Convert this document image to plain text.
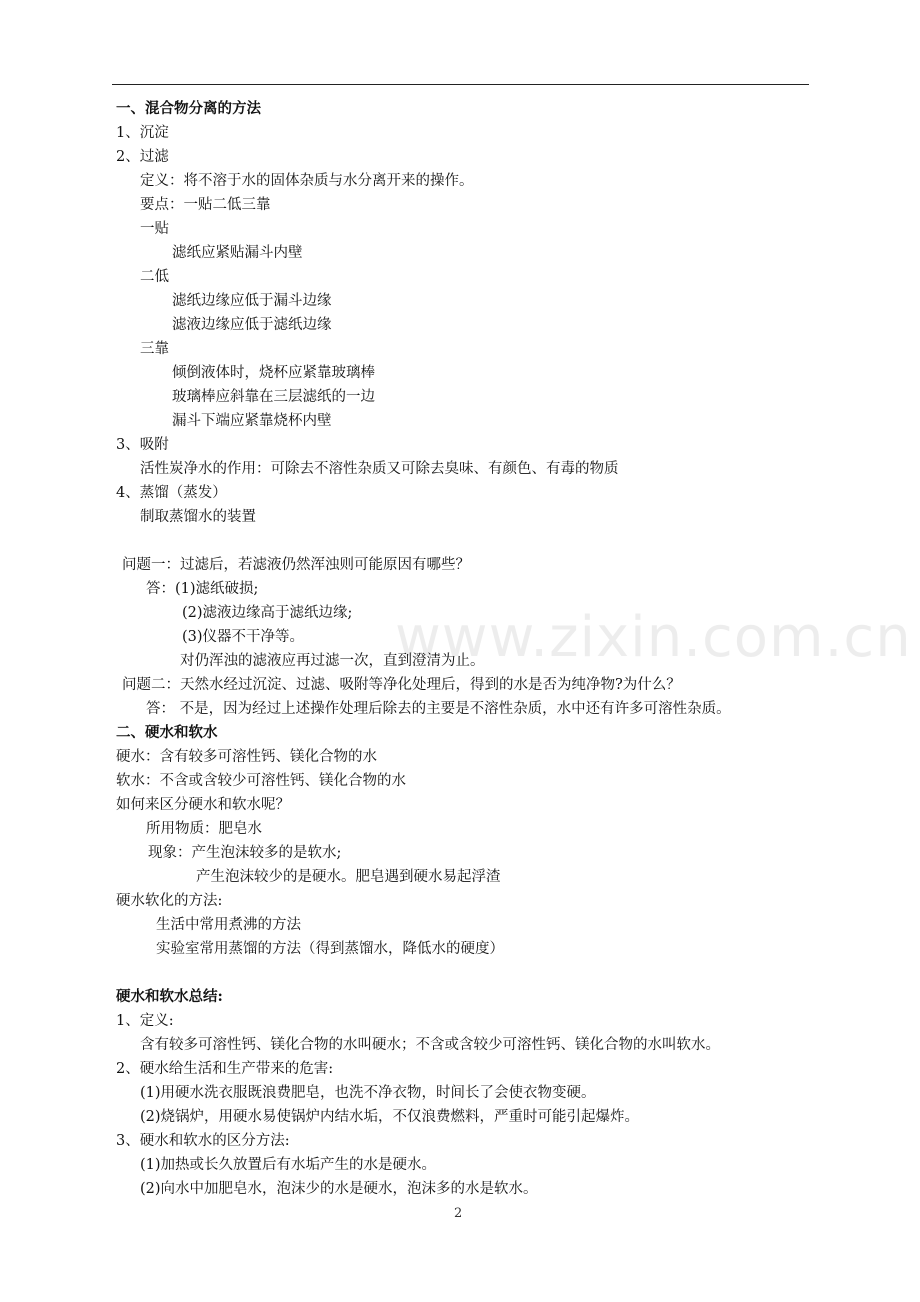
www.zixin.com.cn
一、混合物分离的方法
1、沉淀
2、过滤
定义：将不溶于水的固体杂质与水分离开来的操作。
要点：一贴二低三靠
一贴
滤纸应紧贴漏斗内壁
二低
滤纸边缘应低于漏斗边缘
滤液边缘应低于滤纸边缘
三靠
倾倒液体时，烧杯应紧靠玻璃棒
玻璃棒应斜靠在三层滤纸的一边
漏斗下端应紧靠烧杯内壁
3、吸附
活性炭净水的作用：可除去不溶性杂质又可除去臭味、有颜色、有毒的物质
4、蒸馏（蒸发）
制取蒸馏水的装置
问题一：过滤后，若滤液仍然浑浊则可能原因有哪些？
答：(1)滤纸破损;
(2)滤液边缘高于滤纸边缘;
(3)仪器不干净等。
对仍浑浊的滤液应再过滤一次，直到澄清为止。
问题二：天然水经过沉淀、过滤、吸附等净化处理后，得到的水是否为纯净物?为什么？
答： 不是，因为经过上述操作处理后除去的主要是不溶性杂质，水中还有许多可溶性杂质。
二、硬水和软水
硬水：含有较多可溶性钙、镁化合物的水
软水：不含或含较少可溶性钙、镁化合物的水
如何来区分硬水和软水呢？
所用物质：肥皂水
现象：产生泡沫较多的是软水;
产生泡沫较少的是硬水。肥皂遇到硬水易起浮渣
硬水软化的方法:
生活中常用煮沸的方法
实验室常用蒸馏的方法（得到蒸馏水，降低水的硬度）
硬水和软水总结:
1、定义:
含有较多可溶性钙、镁化合物的水叫硬水；不含或含较少可溶性钙、镁化合物的水叫软水。
2、硬水给生活和生产带来的危害:
(1)用硬水洗衣服既浪费肥皂，也洗不净衣物，时间长了会使衣物变硬。
(2)烧锅炉，用硬水易使锅炉内结水垢，不仅浪费燃料，严重时可能引起爆炸。
3、硬水和软水的区分方法:
(1)加热或长久放置后有水垢产生的水是硬水。
(2)向水中加肥皂水，泡沫少的水是硬水，泡沫多的水是软水。
2
